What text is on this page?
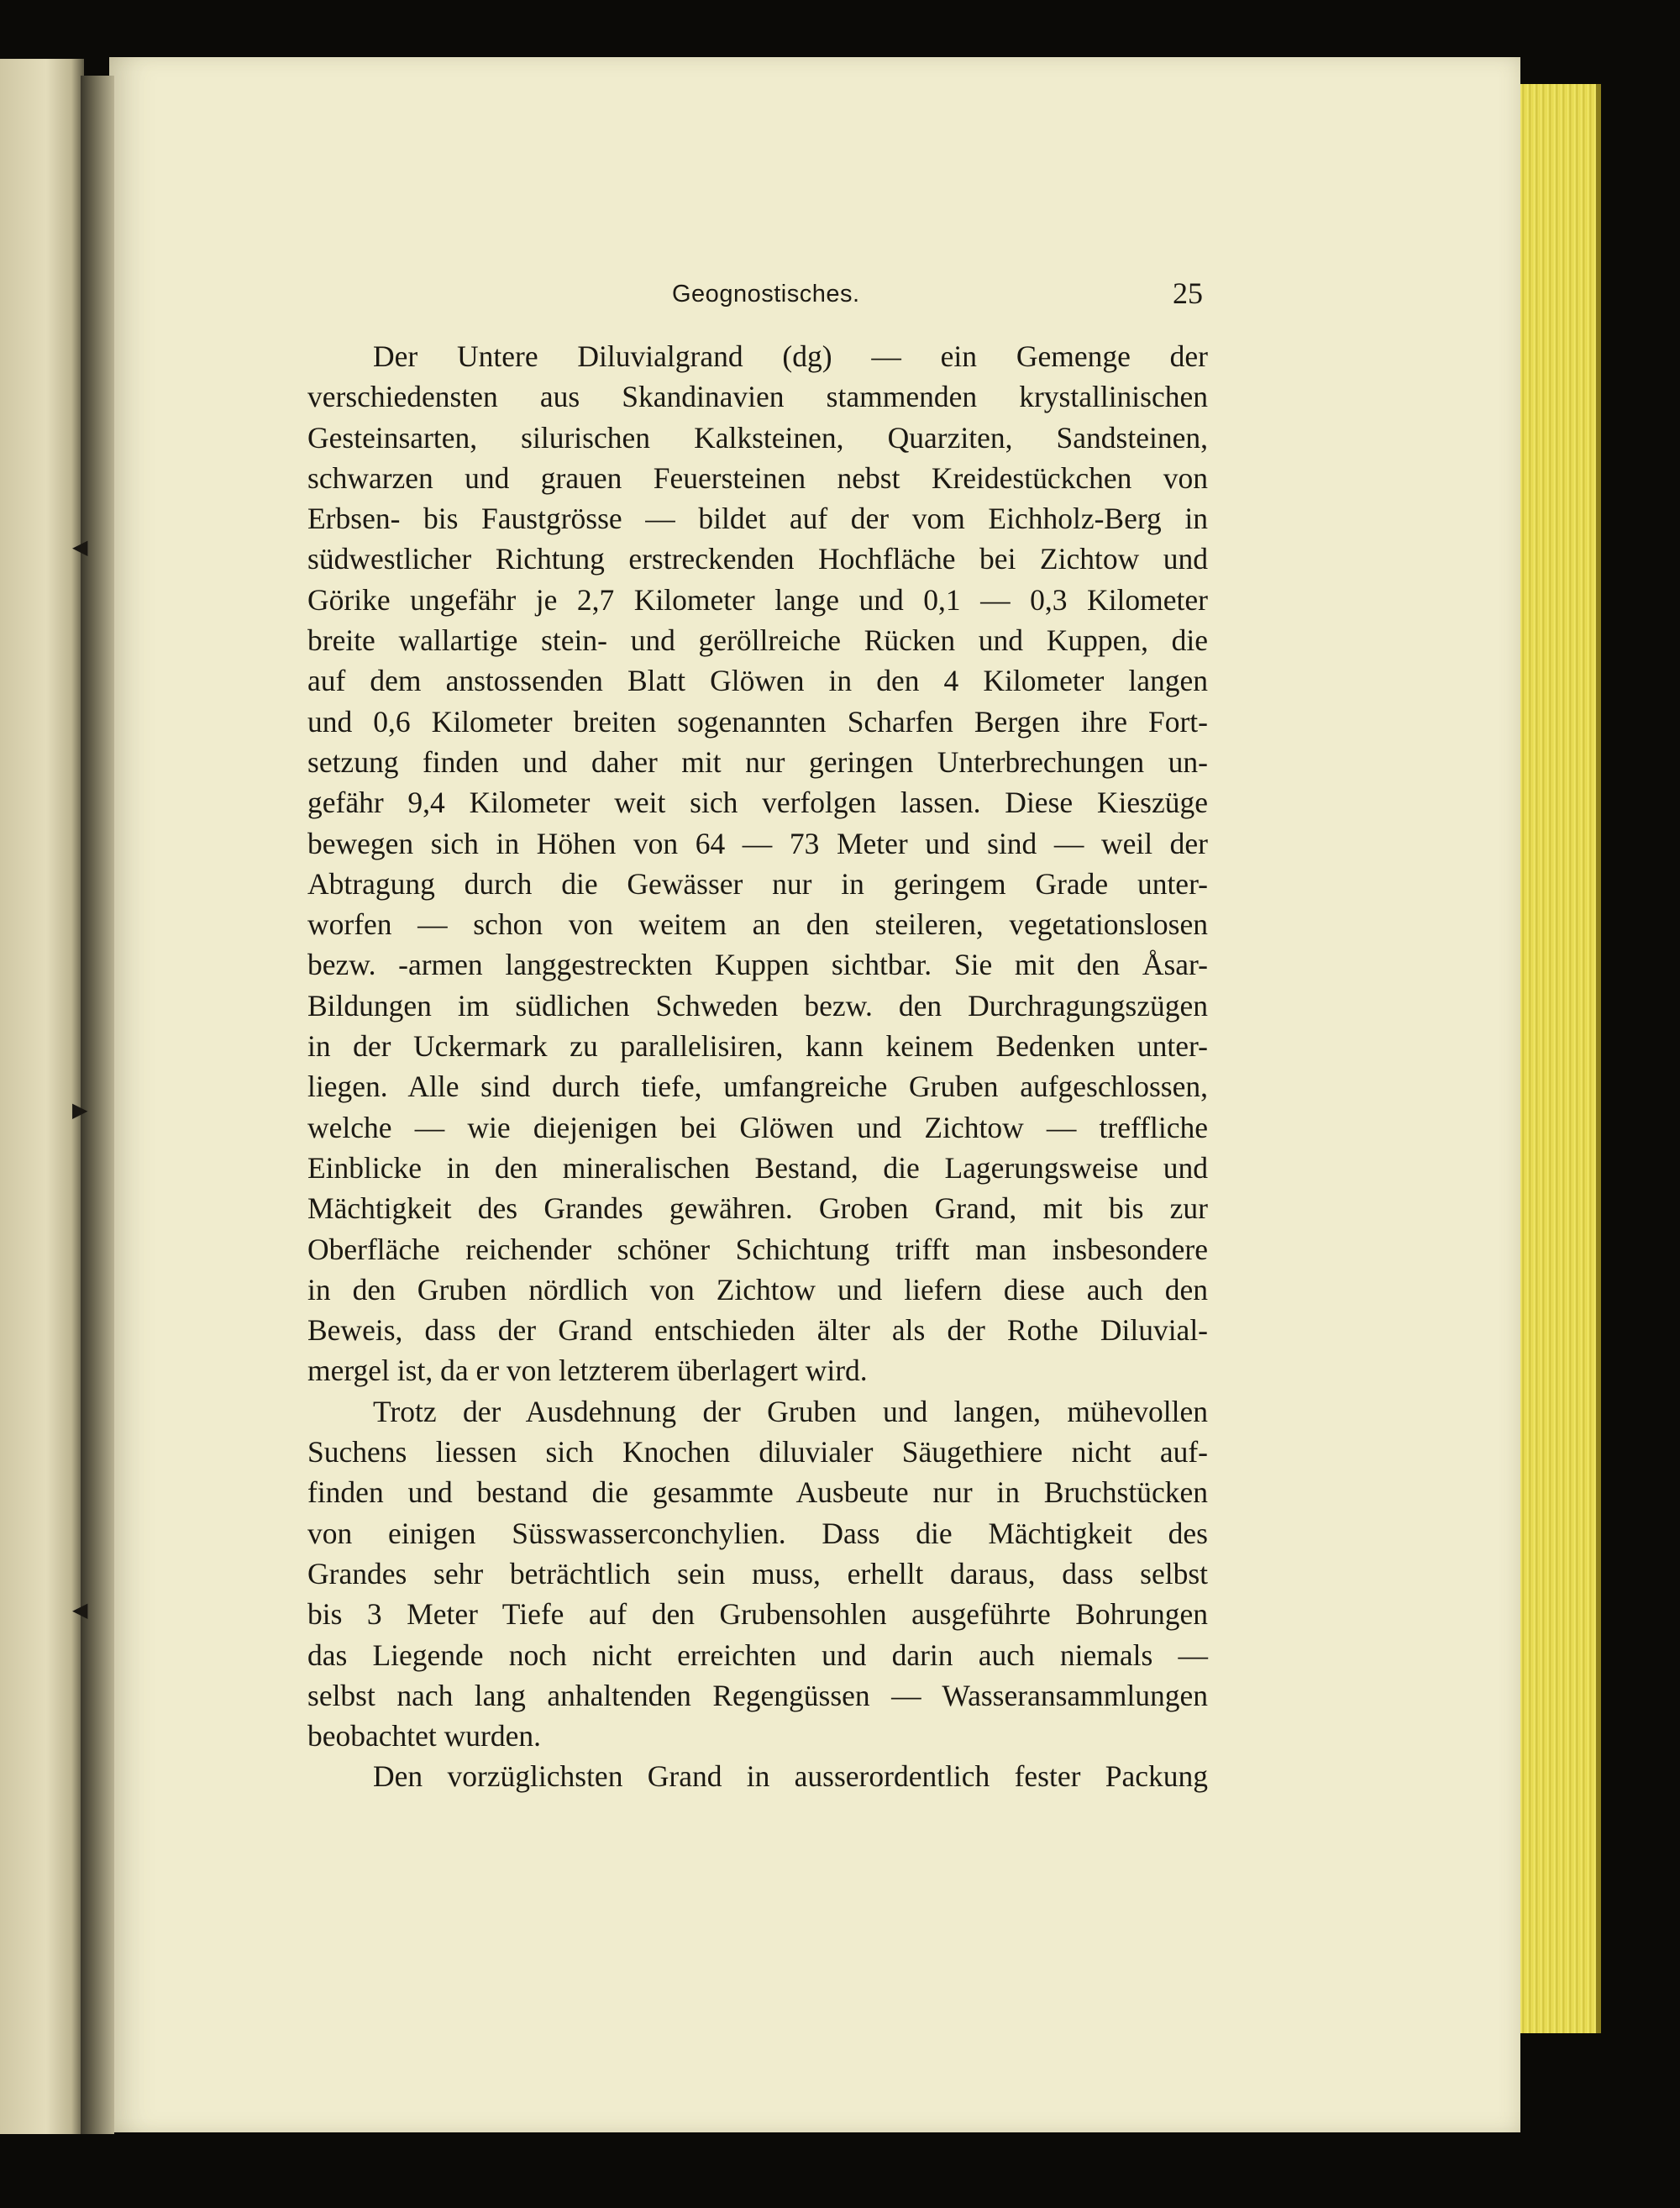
◀
▶
◀
Geognostisches.	25
Der Untere Diluvialgrand (dg) — ein Gemenge der
verschiedensten aus Skandinavien stammenden krystallinischen
Gesteinsarten, silurischen Kalksteinen, Quarziten, Sandsteinen,
schwarzen und grauen Feuersteinen nebst Kreidestückchen von
Erbsen- bis Faustgrösse — bildet auf der vom Eichholz-Berg in
südwestlicher Richtung erstreckenden Hochfläche bei Zichtow und
Görike ungefähr je 2,7 Kilometer lange und 0,1 — 0,3 Kilometer
breite wallartige stein- und geröllreiche Rücken und Kuppen, die
auf dem anstossenden Blatt Glöwen in den 4 Kilometer langen
und 0,6 Kilometer breiten sogenannten Scharfen Bergen ihre Fort-
setzung finden und daher mit nur geringen Unterbrechungen un-
gefähr 9,4 Kilometer weit sich verfolgen lassen. Diese Kieszüge
bewegen sich in Höhen von 64 — 73 Meter und sind — weil der
Abtragung durch die Gewässer nur in geringem Grade unter-
worfen — schon von weitem an den steileren, vegetationslosen
bezw. -armen langgestreckten Kuppen sichtbar. Sie mit den Åsar-
Bildungen im südlichen Schweden bezw. den Durchragungszügen
in der Uckermark zu parallelisiren, kann keinem Bedenken unter-
liegen. Alle sind durch tiefe, umfangreiche Gruben aufgeschlossen,
welche — wie diejenigen bei Glöwen und Zichtow — treffliche
Einblicke in den mineralischen Bestand, die Lagerungsweise und
Mächtigkeit des Grandes gewähren. Groben Grand, mit bis zur
Oberfläche reichender schöner Schichtung trifft man insbesondere
in den Gruben nördlich von Zichtow und liefern diese auch den
Beweis, dass der Grand entschieden älter als der Rothe Diluvial-
mergel ist, da er von letzterem überlagert wird.
Trotz der Ausdehnung der Gruben und langen, mühevollen
Suchens liessen sich Knochen diluvialer Säugethiere nicht auf-
finden und bestand die gesammte Ausbeute nur in Bruchstücken
von einigen Süsswasserconchylien. Dass die Mächtigkeit des
Grandes sehr beträchtlich sein muss, erhellt daraus, dass selbst
bis 3 Meter Tiefe auf den Grubensohlen ausgeführte Bohrungen
das Liegende noch nicht erreichten und darin auch niemals —
selbst nach lang anhaltenden Regengüssen — Wasseransammlungen
beobachtet wurden.
Den vorzüglichsten Grand in ausserordentlich fester Packung
